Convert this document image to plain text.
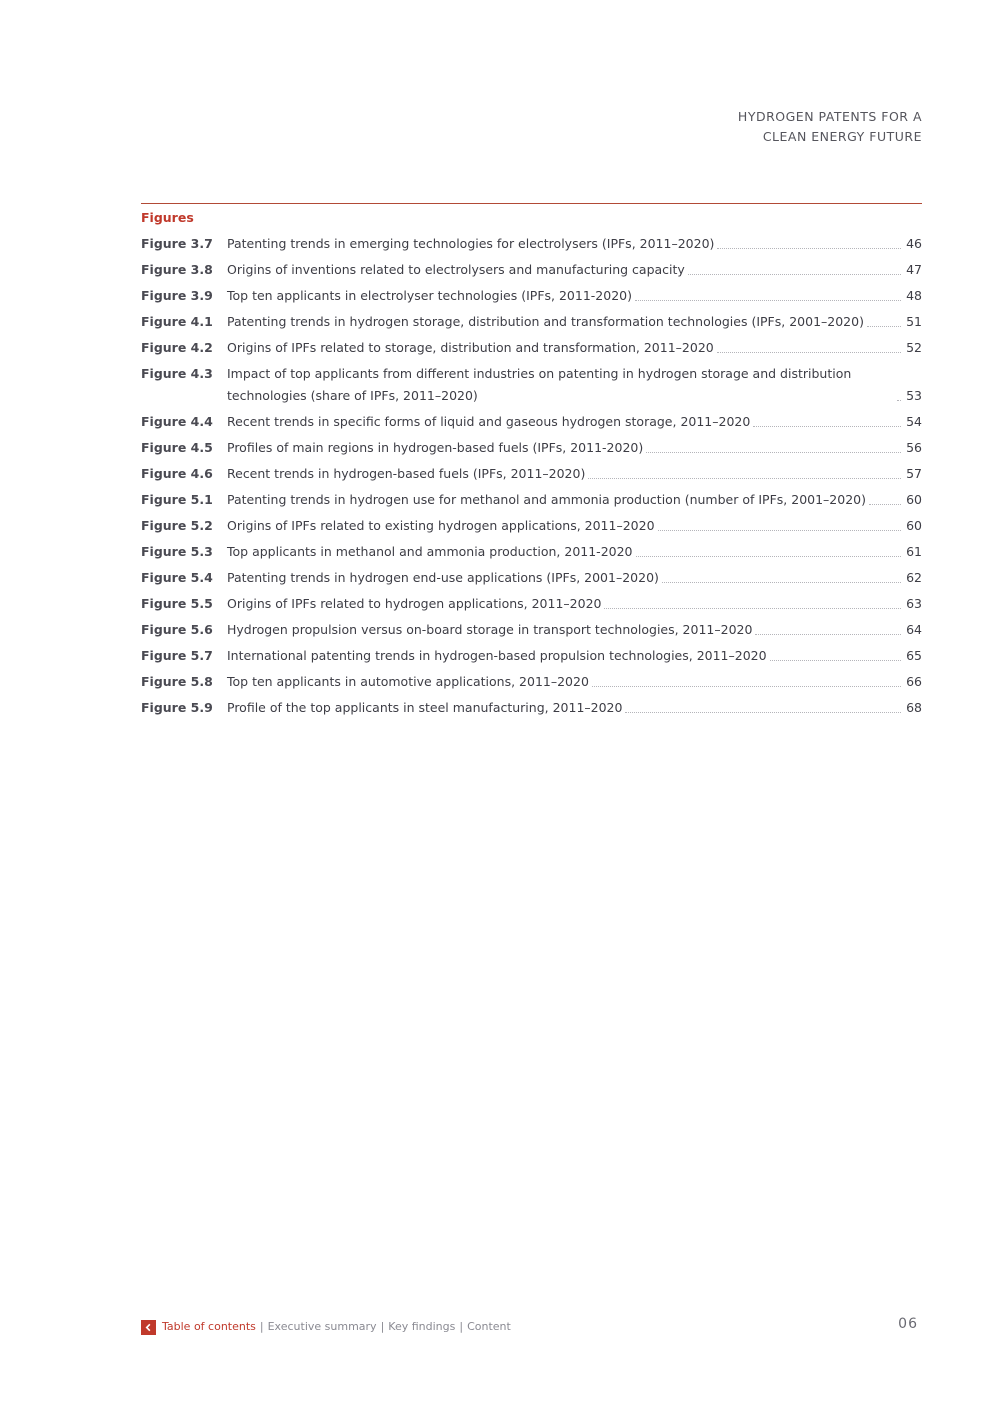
HYDROGEN PATENTS FOR A
CLEAN ENERGY FUTURE
Figures
Figure 3.7	Patenting trends in emerging technologies for electrolysers (IPFs, 2011–2020)	46
Figure 3.8	Origins of inventions related to electrolysers and manufacturing capacity	47
Figure 3.9	Top ten applicants in electrolyser technologies (IPFs, 2011-2020)	48
Figure 4.1	Patenting trends in hydrogen storage, distribution and transformation technologies (IPFs, 2001–2020)	51
Figure 4.2	Origins of IPFs related to storage, distribution and transformation, 2011–2020	52
Figure 4.3	Impact of top applicants from different industries on patenting in hydrogen storage and distribution technologies (share of IPFs, 2011–2020)	53
Figure 4.4	Recent trends in specific forms of liquid and gaseous hydrogen storage, 2011–2020	54
Figure 4.5	Profiles of main regions in hydrogen-based fuels (IPFs, 2011-2020)	56
Figure 4.6	Recent trends in hydrogen-based fuels (IPFs, 2011–2020)	57
Figure 5.1	Patenting trends in hydrogen use for methanol and ammonia production (number of IPFs, 2001–2020)	60
Figure 5.2	Origins of IPFs related to existing hydrogen applications, 2011–2020	60
Figure 5.3	Top applicants in methanol and ammonia production, 2011-2020	61
Figure 5.4	Patenting trends in hydrogen end-use applications (IPFs, 2001–2020)	62
Figure 5.5	Origins of IPFs related to hydrogen applications, 2011–2020	63
Figure 5.6	Hydrogen propulsion versus on-board storage in transport technologies, 2011–2020	64
Figure 5.7	International patenting trends in hydrogen-based propulsion technologies, 2011–2020	65
Figure 5.8	Top ten applicants in automotive applications, 2011–2020	66
Figure 5.9	Profile of the top applicants in steel manufacturing, 2011–2020	68
Table of contents | Executive summary | Key findings | Content	06
